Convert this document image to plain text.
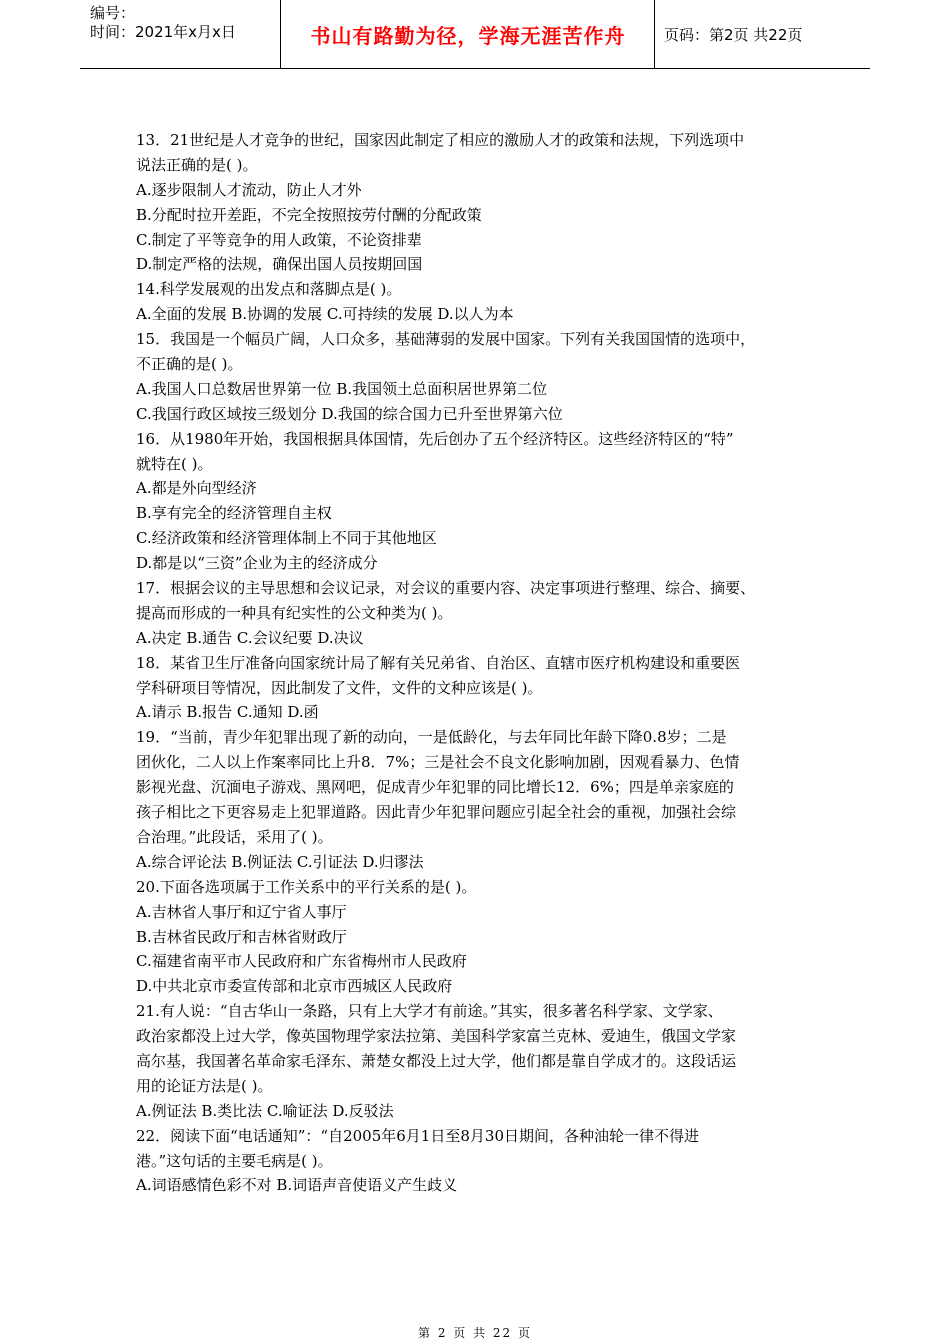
编号：
时间：2021年x月x日	书山有路勤为径，学海无涯苦作舟	页码：第2页 共22页
13．21世纪是人才竞争的世纪，国家因此制定了相应的激励人才的政策和法规，下列选项中
说法正确的是( )。
A.逐步限制人才流动，防止人才外
B.分配时拉开差距，不完全按照按劳付酬的分配政策
C.制定了平等竞争的用人政策，不论资排辈
D.制定严格的法规，确保出国人员按期回国
14.科学发展观的出发点和落脚点是( )。
A.全面的发展 B.协调的发展 C.可持续的发展 D.以人为本
15．我国是一个幅员广阔，人口众多，基础薄弱的发展中国家。下列有关我国国情的选项中，
不正确的是( )。
A.我国人口总数居世界第一位 B.我国领土总面积居世界第二位
C.我国行政区域按三级划分 D.我国的综合国力已升至世界第六位
16．从1980年开始，我国根据具体国情，先后创办了五个经济特区。这些经济特区的“特”
就特在( )。
A.都是外向型经济
B.享有完全的经济管理自主权
C.经济政策和经济管理体制上不同于其他地区
D.都是以“三资”企业为主的经济成分
17．根据会议的主导思想和会议记录，对会议的重要内容、决定事项进行整理、综合、摘要、
提高而形成的一种具有纪实性的公文种类为( )。
A.决定 B.通告 C.会议纪要 D.决议
18．某省卫生厅准备向国家统计局了解有关兄弟省、自治区、直辖市医疗机构建设和重要医
学科研项目等情况，因此制发了文件，文件的文种应该是( )。
A.请示 B.报告 C.通知 D.函
19．“当前，青少年犯罪出现了新的动向，一是低龄化，与去年同比年龄下降0.8岁；二是
团伙化，二人以上作案率同比上升8．7%；三是社会不良文化影响加剧，因观看暴力、色情
影视光盘、沉湎电子游戏、黑网吧，促成青少年犯罪的同比增长12．6%；四是单亲家庭的
孩子相比之下更容易走上犯罪道路。因此青少年犯罪问题应引起全社会的重视，加强社会综
合治理。”此段话，采用了( )。
A.综合评论法 B.例证法 C.引证法 D.归谬法
20.下面各选项属于工作关系中的平行关系的是( )。
A.吉林省人事厅和辽宁省人事厅
B.吉林省民政厅和吉林省财政厅
C.福建省南平市人民政府和广东省梅州市人民政府
D.中共北京市委宣传部和北京市西城区人民政府
21.有人说：“自古华山一条路，只有上大学才有前途。”其实，很多著名科学家、文学家、
政治家都没上过大学，像英国物理学家法拉第、美国科学家富兰克林、爱迪生，俄国文学家
高尔基，我国著名革命家毛泽东、萧楚女都没上过大学，他们都是靠自学成才的。这段话运
用的论证方法是( )。
A.例证法 B.类比法 C.喻证法 D.反驳法
22．阅读下面“电话通知”：“自2005年6月1日至8月30日期间，各种油轮一律不得进
港。”这句话的主要毛病是( )。
A.词语感情色彩不对 B.词语声音使语义产生歧义
第 2 页 共 22 页
